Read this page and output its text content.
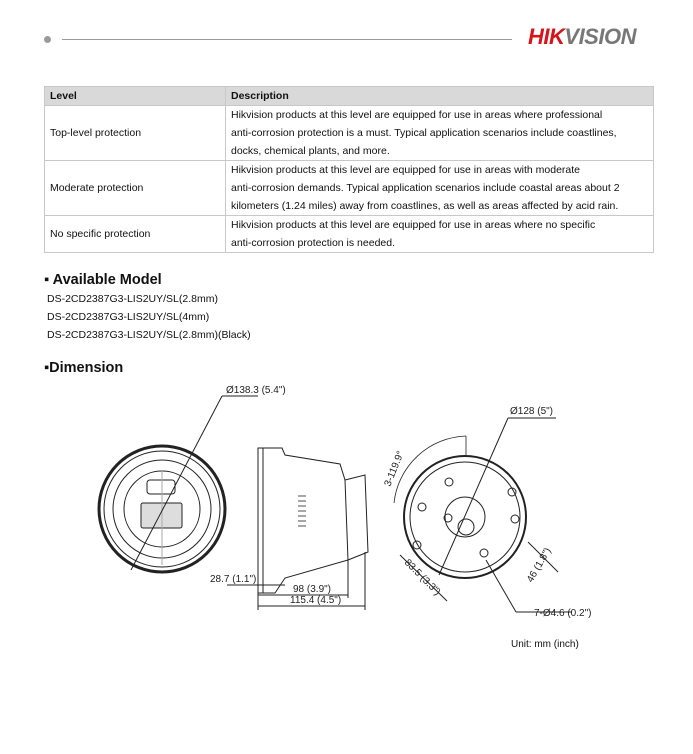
HIKVISION
Level	Description
Top-level protection	Hikvision products at this level are equipped for use in areas where professional
anti-corrosion protection is a must. Typical application scenarios include coastlines,
docks, chemical plants, and more.

Moderate protection	Hikvision products at this level are equipped for use in areas with moderate
anti-corrosion demands. Typical application scenarios include coastal areas about 2
kilometers (1.24 miles) away from coastlines, as well as areas affected by acid rain.

No specific protection	Hikvision products at this level are equipped for use in areas where no specific
anti-corrosion protection is needed.
▪ Available Model
DS-2CD2387G3-LIS2UY/SL(2.8mm)
DS-2CD2387G3-LIS2UY/SL(4mm)
DS-2CD2387G3-LIS2UY/SL(2.8mm)(Black)
▪Dimension
Ø138.3 (5.4")
Ø128 (5")
3-119.9°
28.7 (1.1")
98 (3.9")
115.4 (4.5")
83.5 (3.3")	46 (1.8")
7-Ø4.6 (0.2")
Unit: mm (inch)
